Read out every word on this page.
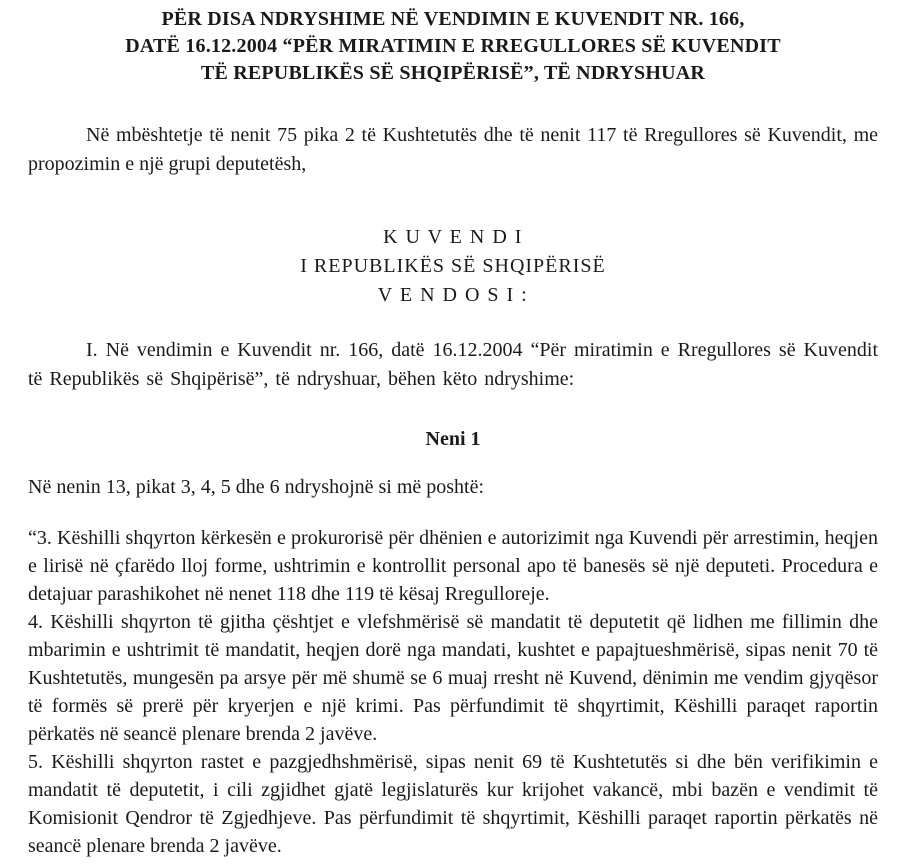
PËR DISA NDRYSHIME NË VENDIMIN E KUVENDIT NR. 166,
DATË 16.12.2004 “PËR MIRATIMIN E RREGULLORES SË KUVENDIT
TË REPUBLIKËS SË SHQIPËRISË”, TË NDRYSHUAR

Në mbështetje të nenit 75 pika 2 të Kushtetutës dhe të nenit 117 të Rregullores së Kuvendit, me propozimin e një grupi deputetësh,

K U V E N D I
I REPUBLIKËS SË SHQIPËRISË
V E N D O S I :

I. Në vendimin e Kuvendit nr. 166, datë 16.12.2004 “Për miratimin e Rregullores së Kuvendit të Republikës së Shqipërisë”, të ndryshuar, bëhen këto ndryshime:

Neni 1

Në nenin 13, pikat 3, 4, 5 dhe 6 ndryshojnë si më poshtë:

“3. Këshilli shqyrton kërkesën e prokurorisë për dhënien e autorizimit nga Kuvendi për arrestimin, heqjen e lirisë në çfarëdo lloj forme, ushtrimin e kontrollit personal apo të banesës së një deputeti. Procedura e detajuar parashikohet në nenet 118 dhe 119 të kësaj Rregulloreje.

4. Këshilli shqyrton të gjitha çështjet e vlefshmërisë së mandatit të deputetit që lidhen me fillimin dhe mbarimin e ushtrimit të mandatit, heqjen dorë nga mandati, kushtet e papajtueshmërisë, sipas nenit 70 të Kushtetutës, mungesën pa arsye për më shumë se 6 muaj rresht në Kuvend, dënimin me vendim gjyqësor të formës së prerë për kryerjen e një krimi. Pas përfundimit të shqyrtimit, Këshilli paraqet raportin përkatës në seancë plenare brenda 2 javëve.

5. Këshilli shqyrton rastet e pazgjedhshmërisë, sipas nenit 69 të Kushtetutës si dhe bën verifikimin e mandatit të deputetit, i cili zgjidhet gjatë legjislaturës kur krijohet vakancë, mbi bazën e vendimit të Komisionit Qendror të Zgjedhjeve. Pas përfundimit të shqyrtimit, Këshilli paraqet raportin përkatës në seancë plenare brenda 2 javëve.
